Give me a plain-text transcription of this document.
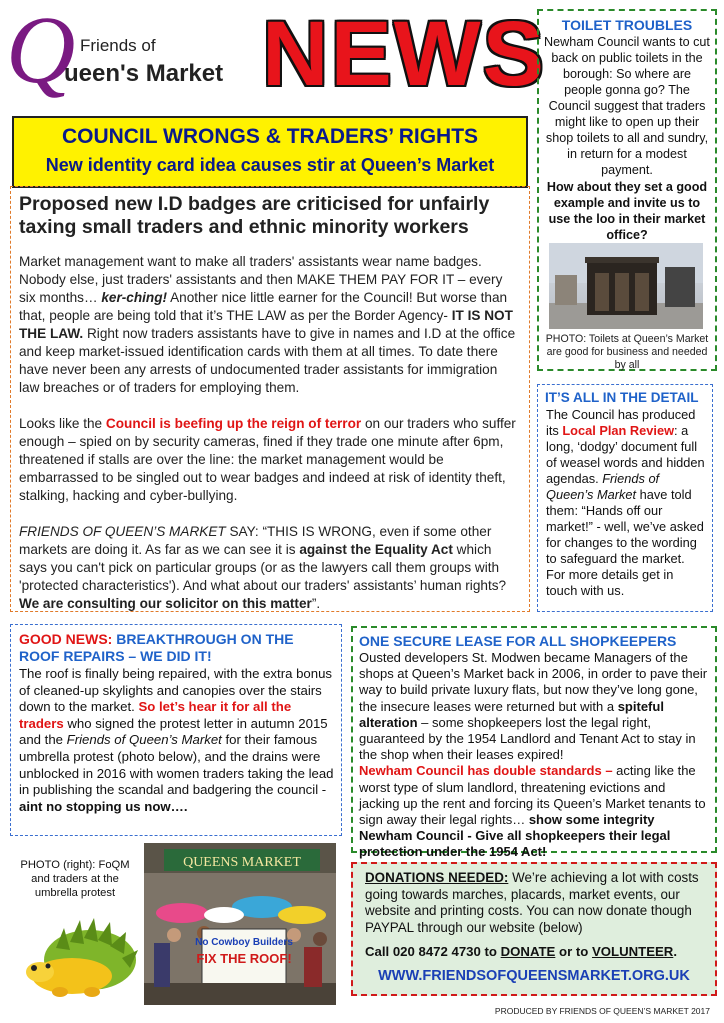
Q Friends of
ueen's Market NEWS
COUNCIL WRONGS & TRADERS’ RIGHTS
New identity card idea causes stir at Queen’s Market
Proposed new I.D badges are criticised for unfairly taxing small traders and ethnic minority workers

Market management want to make all traders' assistants wear name badges. Nobody else, just traders' assistants and then MAKE THEM PAY FOR IT – every six months… ker-ching! Another nice little earner for the Council! But worse than that, people are being told that it’s THE LAW as per the Border Agency- IT IS NOT THE LAW. Right now traders assistants have to give in names and I.D at the office and keep market-issued identification cards with them at all times. To date there have never been any arrests of undocumented trader assistants for immigration law breaches or of traders for employing them.

Looks like the Council is beefing up the reign of terror on our traders who suffer enough – spied on by security cameras, fined if they trade one minute after 6pm, threatened if stalls are over the line: the market management would be embarrassed to be singled out to wear badges and indeed at risk of identity theft, stalking, hacking and cyber-bullying.

FRIENDS OF QUEEN’S MARKET SAY: “THIS IS WRONG, even if some other markets are doing it. As far as we can see it is against the Equality Act which says you can't pick on particular groups (or as the lawyers call them groups with 'protected characteristics'). And what about our traders' assistants’ human rights? We are consulting our solicitor on this matter”.

TOILET TROUBLES
Newham Council wants to cut back on public toilets in the borough: So where are people gonna go? The Council suggest that traders might like to open up their shop toilets to all and sundry, in return for a modest payment.
How about they set a good example and invite us to use the loo in their market office?
PHOTO: Toilets at Queen’s Market are good for business and needed by all
IT’S ALL IN THE DETAIL
The Council has produced its Local Plan Review: a long, ‘dodgy’ document full of weasel words and hidden agendas. Friends of Queen’s Market have told them: “Hands off our market!” - well, we’ve asked for changes to the wording to safeguard the market. For more details get in touch with us.
GOOD NEWS: BREAKTHROUGH ON THE ROOF REPAIRS – WE DID IT!
The roof is finally being repaired, with the extra bonus of cleaned-up skylights and canopies over the stairs down to the market. So let’s hear it for all the traders who signed the protest letter in autumn 2015 and the Friends of Queen’s Market for their famous umbrella protest (photo below), and the drains were unblocked in 2016 with women traders taking the lead in publishing the scandal and badgering the council - aint no stopping us now….
ONE SECURE LEASE FOR ALL SHOPKEEPERS
Ousted developers St. Modwen became Managers of the shops at Queen’s Market back in 2006, in order to pave their way to build private luxury flats, but now they’ve long gone, the insecure leases were returned but with a spiteful alteration – some shopkeepers lost the legal right, guaranteed by the 1954 Landlord and Tenant Act to stay in the shop when their leases expired!
Newham Council has double standards – acting like the worst type of slum landlord, threatening evictions and jacking up the rent and forcing its Queen’s Market tenants to sign away their legal rights… show some integrity Newham Council - Give all shopkeepers their legal protection under the 1954 Act!
PHOTO (right): FoQM and traders at the umbrella protest
QUEENS MARKET
No Cowboy Builders
FIX THE ROOF!
DONATIONS NEEDED: We’re achieving a lot with costs going towards marches, placards, market events, our website and printing costs. You can now donate though PAYPAL through our website (below)
Call 020 8472 4730 to DONATE or to VOLUNTEER.
WWW.FRIENDSOFQUEENSMARKET.ORG.UK
PRODUCED BY FRIENDS OF QUEEN’S MARKET 2017
